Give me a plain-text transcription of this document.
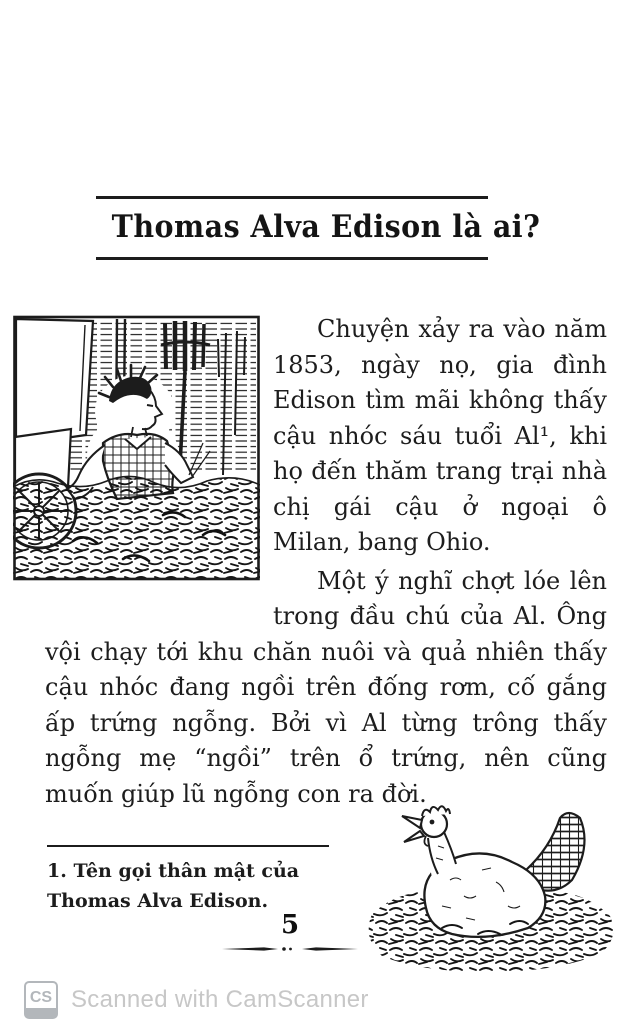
Thomas Alva Edison là ai?

Chuyện xảy ra vào năm 1853, ngày nọ, gia đình Edison tìm mãi không thấy cậu nhóc sáu tuổi Al¹, khi họ đến thăm trang trại nhà chị gái cậu ở ngoại ô Milan, bang Ohio.

Một ý nghĩ chợt lóe lên trong đầu chú của Al. Ông vội chạy tới khu chăn nuôi và quả nhiên thấy cậu nhóc đang ngồi trên đống rơm, cố gắng ấp trứng ngỗng. Bởi vì Al từng trông thấy ngỗng mẹ “ngồi” trên ổ trứng, nên cũng muốn giúp lũ ngỗng con ra đời.

1. Tên gọi thân mật của Thomas Alva Edison.

5
CS Scanned with CamScanner
